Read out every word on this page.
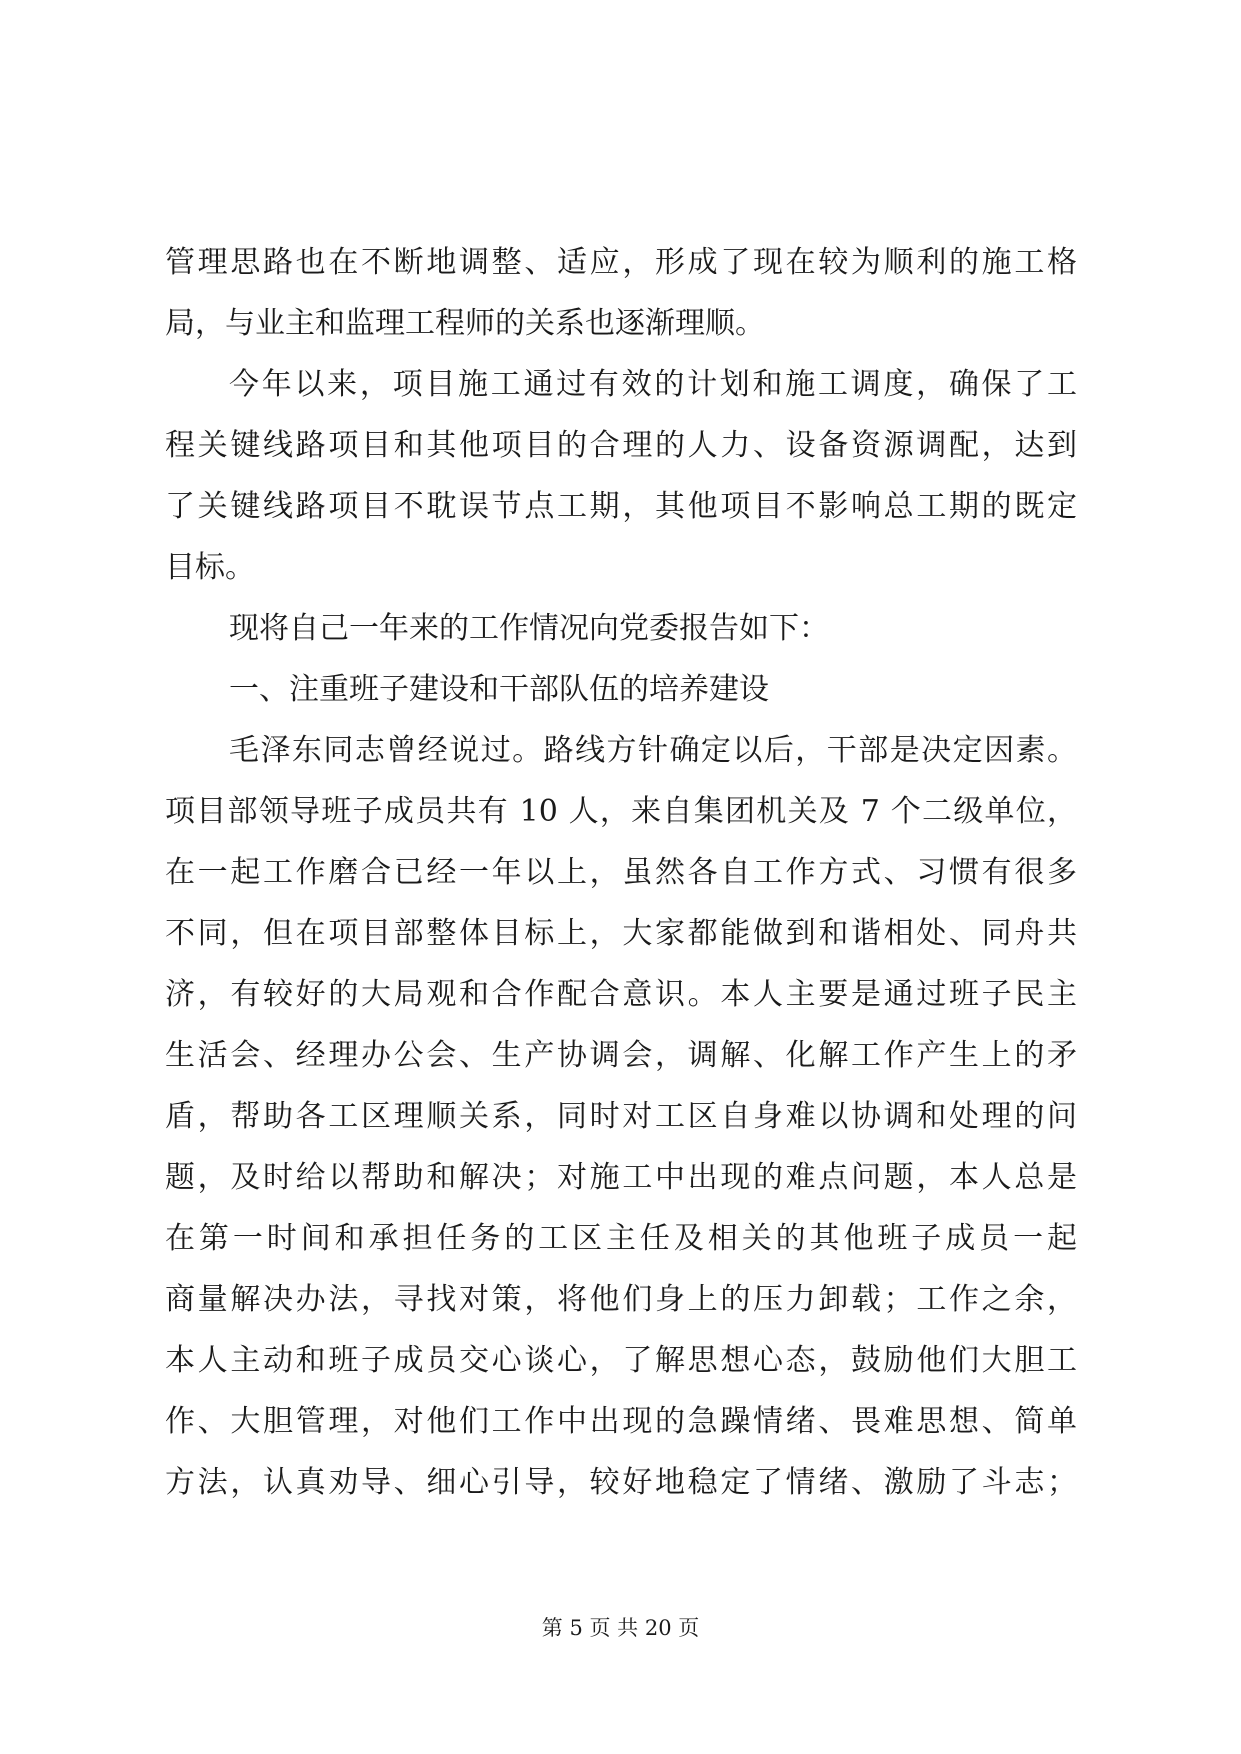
管理思路也在不断地调整、适应，形成了现在较为顺利的施工格
局，与业主和监理工程师的关系也逐渐理顺。
今年以来，项目施工通过有效的计划和施工调度，确保了工
程关键线路项目和其他项目的合理的人力、设备资源调配，达到
了关键线路项目不耽误节点工期，其他项目不影响总工期的既定
目标。
现将自己一年来的工作情况向党委报告如下：
一、注重班子建设和干部队伍的培养建设
毛泽东同志曾经说过。路线方针确定以后，干部是决定因素。
项目部领导班子成员共有 10 人，来自集团机关及 7 个二级单位，
在一起工作磨合已经一年以上，虽然各自工作方式、习惯有很多
不同，但在项目部整体目标上，大家都能做到和谐相处、同舟共
济，有较好的大局观和合作配合意识。本人主要是通过班子民主
生活会、经理办公会、生产协调会，调解、化解工作产生上的矛
盾，帮助各工区理顺关系，同时对工区自身难以协调和处理的问
题，及时给以帮助和解决；对施工中出现的难点问题，本人总是
在第一时间和承担任务的工区主任及相关的其他班子成员一起
商量解决办法，寻找对策，将他们身上的压力卸载；工作之余，
本人主动和班子成员交心谈心，了解思想心态，鼓励他们大胆工
作、大胆管理，对他们工作中出现的急躁情绪、畏难思想、简单
方法，认真劝导、细心引导，较好地稳定了情绪、激励了斗志；
第 5 页 共 20 页
